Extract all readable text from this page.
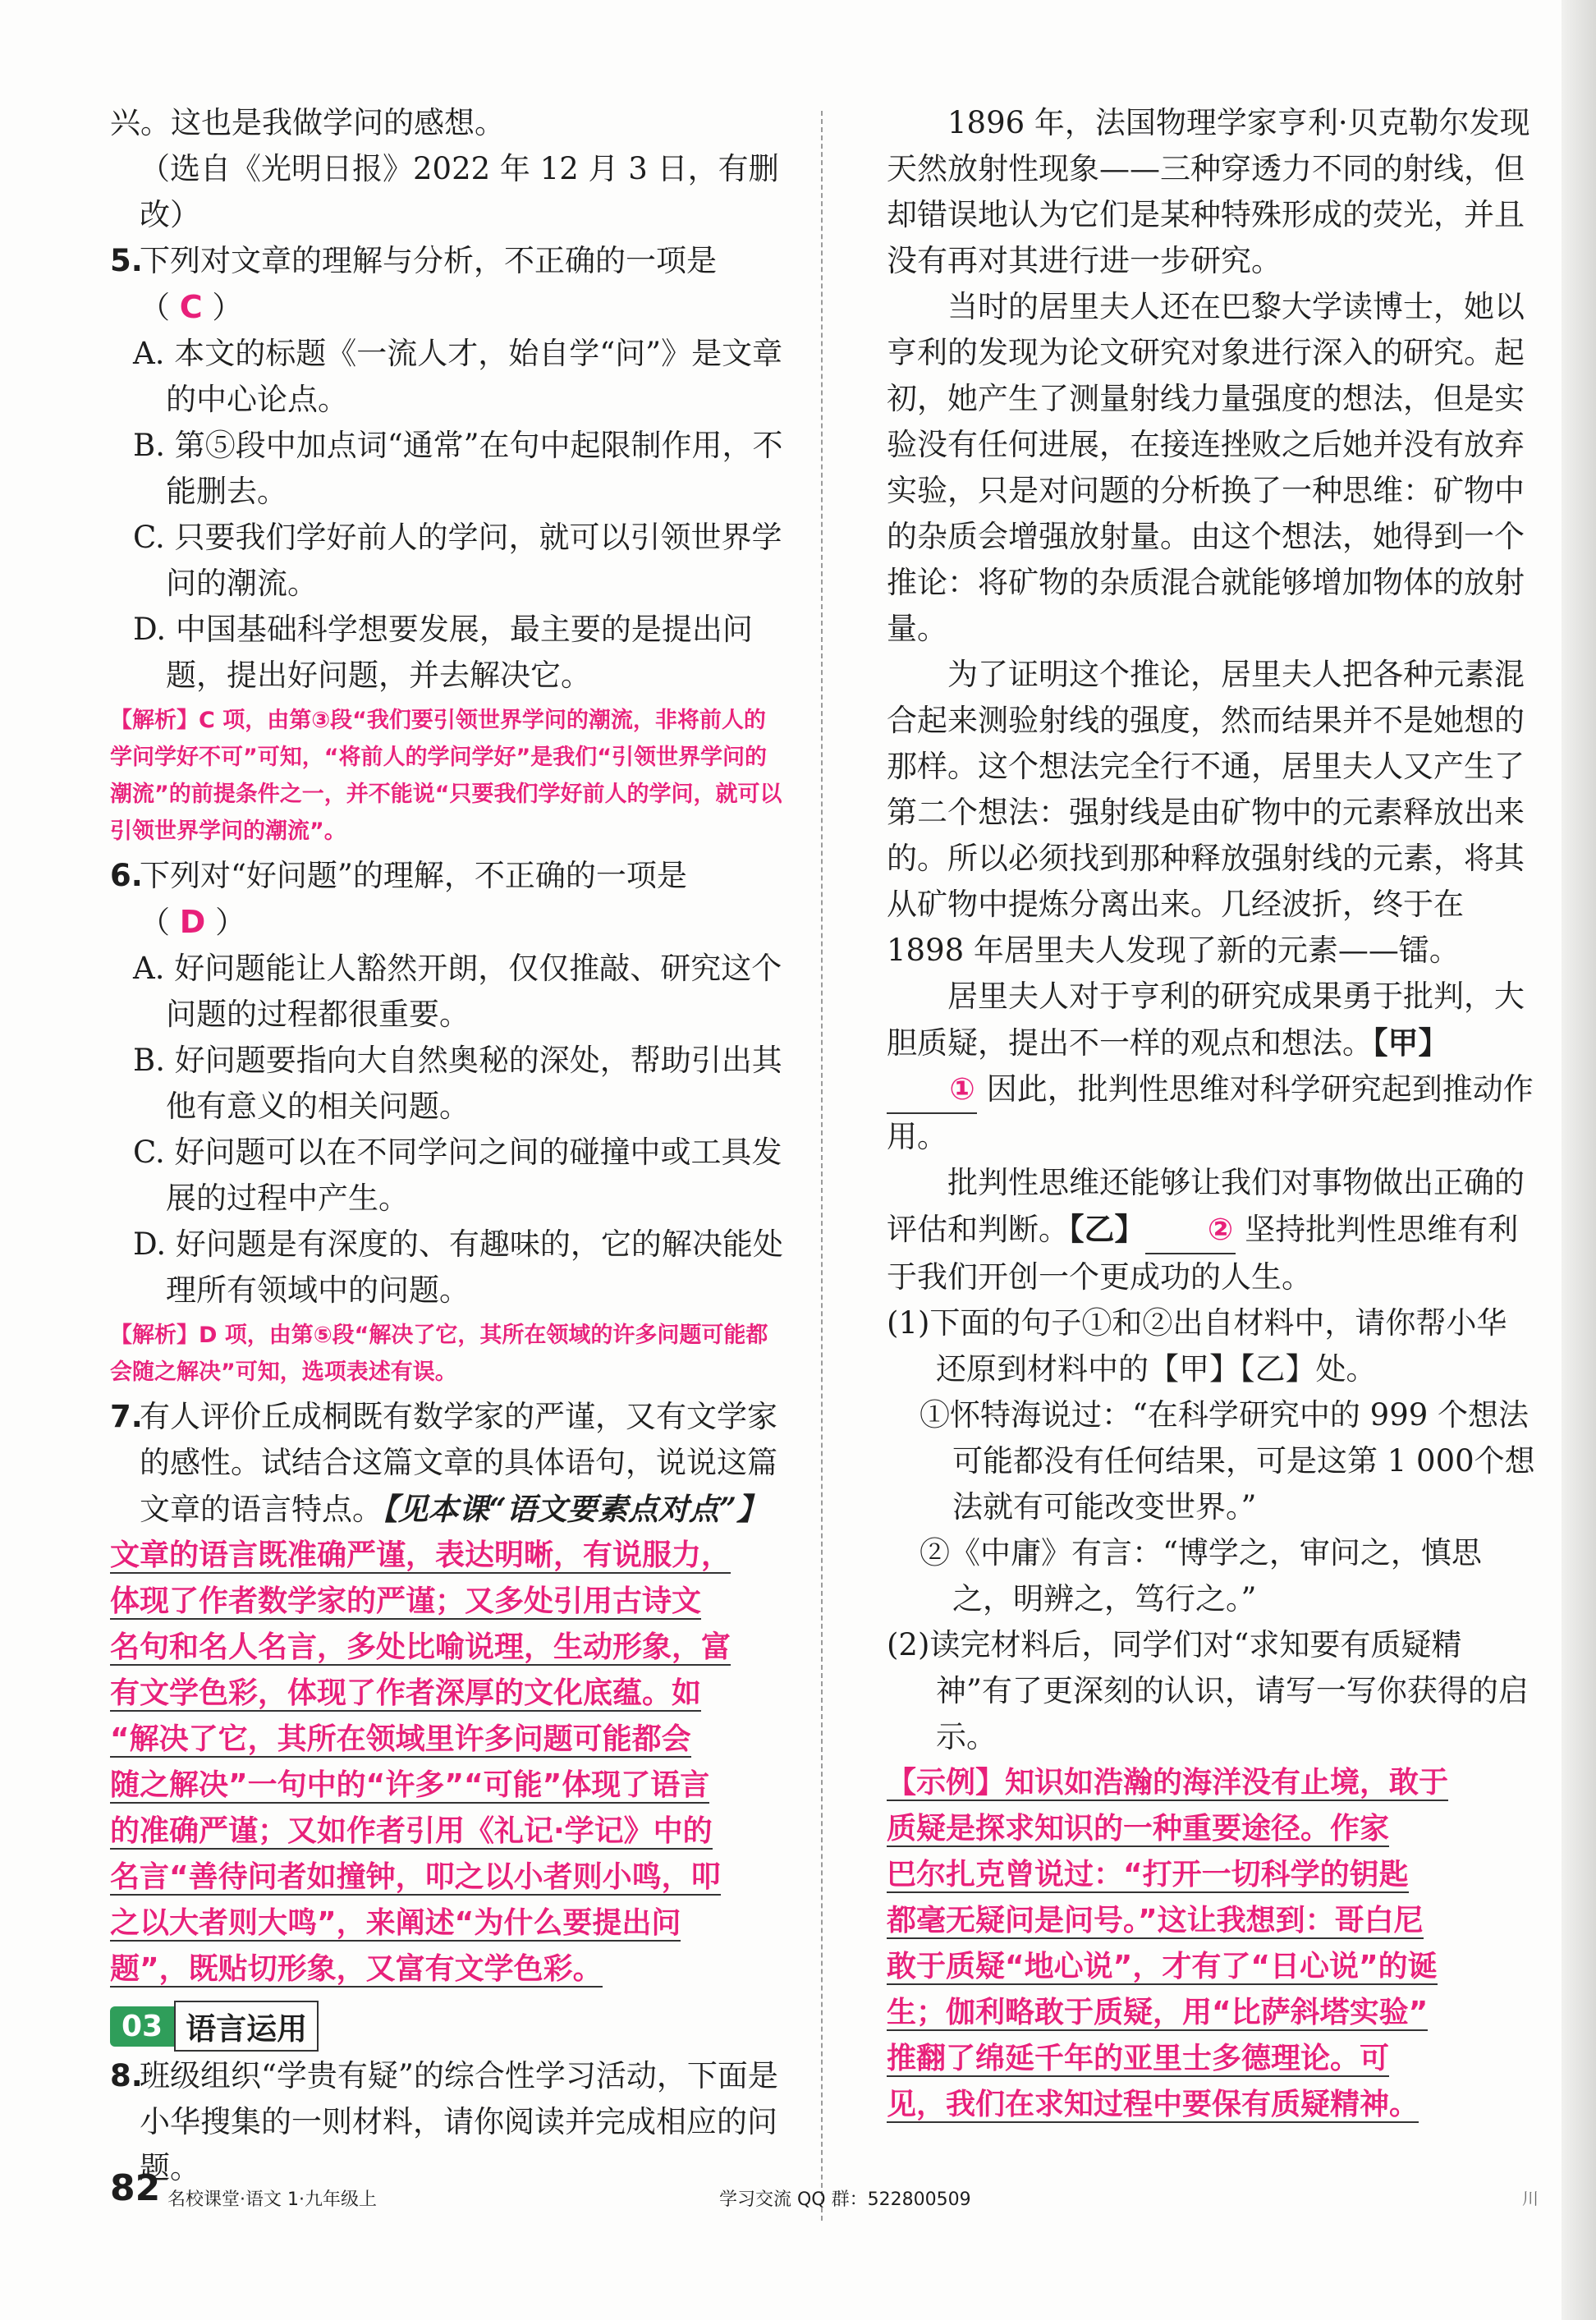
兴。这也是我做学问的感想。

（选自《光明日报》2022 年 12 月 3 日，有删改）

5.
下列对文章的理解与分析，不正确的一项是

（ C ）

A. 本文的标题《一流人才，始自学“问”》是文章的中心论点。

B. 第⑤段中加点词“通常”在句中起限制作用，不能删去。

C. 只要我们学好前人的学问，就可以引领世界学问的潮流。

D. 中国基础科学想要发展，最主要的是提出问题，提出好问题，并去解决它。

【解析】C 项，由第③段“我们要引领世界学问的潮流，非将前人的学问学好不可”可知，“将前人的学问学好”是我们“引领世界学问的潮流”的前提条件之一，并不能说“只要我们学好前人的学问，就可以引领世界学问的潮流”。

6.
下列对“好问题”的理解，不正确的一项是

（ D ）

A. 好问题能让人豁然开朗，仅仅推敲、研究这个问题的过程都很重要。

B. 好问题要指向大自然奥秘的深处，帮助引出其他有意义的相关问题。

C. 好问题可以在不同学问之间的碰撞中或工具发展的过程中产生。

D. 好问题是有深度的、有趣味的，它的解决能处理所有领域中的问题。

【解析】D 项，由第⑤段“解决了它，其所在领域的许多问题可能都会随之解决”可知，选项表述有误。

7.
有人评价丘成桐既有数学家的严谨，又有文学家的感性。试结合这篇文章的具体语句，说说这篇文章的语言特点。【见本课“语文要素点对点”】

文章的语言既准确严谨，表达明晰，有说服力，

体现了作者数学家的严谨；又多处引用古诗文

名句和名人名言，多处比喻说理，生动形象，富

有文学色彩，体现了作者深厚的文化底蕴。如

“解决了它，其所在领域里许多问题可能都会

随之解决”一句中的“许多”“可能”体现了语言

的准确严谨；又如作者引用《礼记·学记》中的

名言“善待问者如撞钟，叩之以小者则小鸣，叩

之以大者则大鸣”，来阐述“为什么要提出问

题”，既贴切形象，又富有文学色彩。

03 语言运用

8.
班级组织“学贵有疑”的综合性学习活动，下面是小华搜集的一则材料，请你阅读并完成相应的问题。

1896 年，法国物理学家亨利·贝克勒尔发现天然放射性现象——三种穿透力不同的射线，但却错误地认为它们是某种特殊形成的荧光，并且没有再对其进行进一步研究。

当时的居里夫人还在巴黎大学读博士，她以亨利的发现为论文研究对象进行深入的研究。起初，她产生了测量射线力量强度的想法，但是实验没有任何进展，在接连挫败之后她并没有放弃实验，只是对问题的分析换了一种思维：矿物中的杂质会增强放射量。由这个想法，她得到一个推论：将矿物的杂质混合就能够增加物体的放射量。

为了证明这个推论，居里夫人把各种元素混合起来测验射线的强度，然而结果并不是她想的那样。这个想法完全行不通，居里夫人又产生了第二个想法：强射线是由矿物中的元素释放出来的。所以必须找到那种释放强射线的元素，将其从矿物中提炼分离出来。几经波折，终于在 1898 年居里夫人发现了新的元素——镭。

居里夫人对于亨利的研究成果勇于批判，大胆质疑，提出不一样的观点和想法。【甲】① 因此，批判性思维对科学研究起到推动作用。

批判性思维还能够让我们对事物做出正确的评估和判断。【乙】 ② 坚持批判性思维有利于我们开创一个更成功的人生。

(1)下面的句子①和②出自材料中，请你帮小华还原到材料中的【甲】【乙】处。

①怀特海说过：“在科学研究中的 999 个想法可能都没有任何结果，可是这第 1 000个想法就有可能改变世界。”

②《中庸》有言：“博学之，审问之，慎思之，明辨之，笃行之。”

(2)读完材料后，同学们对“求知要有质疑精神”有了更深刻的认识，请写一写你获得的启示。

【示例】知识如浩瀚的海洋没有止境，敢于

质疑是探求知识的一种重要途径。作家

巴尔扎克曾说过：“打开一切科学的钥匙

都毫无疑问是问号。”这让我想到：哥白尼

敢于质疑“地心说”，才有了“日心说”的诞

生；伽利略敢于质疑，用“比萨斜塔实验”

推翻了绵延千年的亚里士多德理论。可

见，我们在求知过程中要保有质疑精神。

82 名校课堂·语文 1·九年级上	学习交流 QQ 群：522800509	川
